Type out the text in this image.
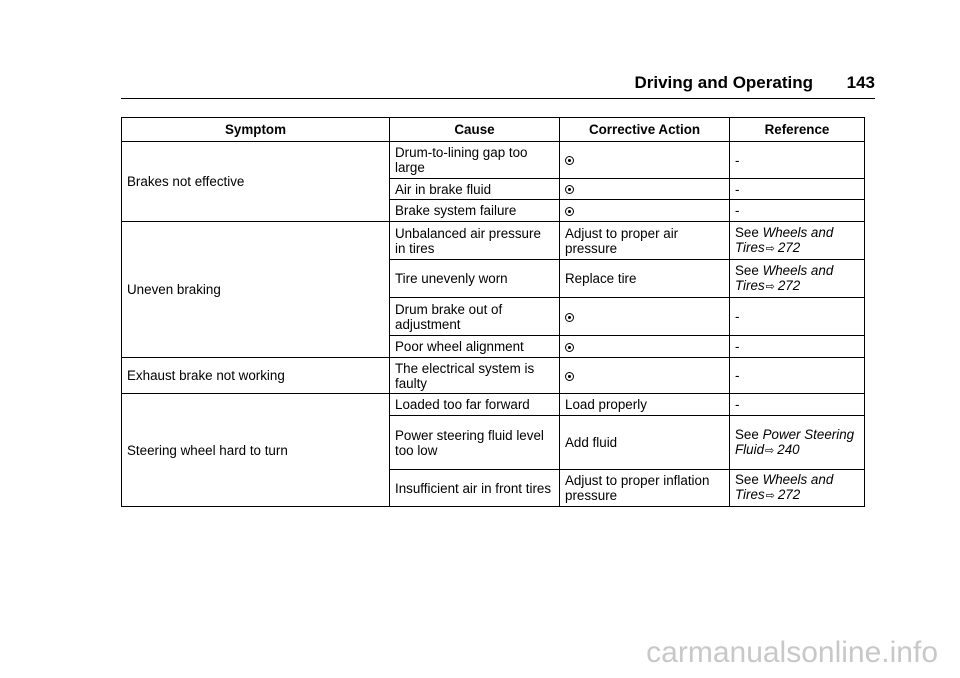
Driving and Operating 143
Symptom	Cause	Corrective Action	Reference
Brakes not effective	Drum-to-lining gap too large		-
	Air in brake fluid		-
	Brake system failure		-
Uneven braking	Unbalanced air pressure in tires	Adjust to proper air pressure	See Wheels and Tires⇨ 272
	Tire unevenly worn	Replace tire	See Wheels and Tires⇨ 272
	Drum brake out of adjustment		-
	Poor wheel alignment		-
Exhaust brake not working	The electrical system is faulty		-
Steering wheel hard to turn	Loaded too far forward	Load properly	-
	Power steering fluid level too low	Add fluid	See Power Steering Fluid⇨ 240
	Insufficient air in front tires	Adjust to proper inflation pressure	See Wheels and Tires⇨ 272
carmanualsonline.info
